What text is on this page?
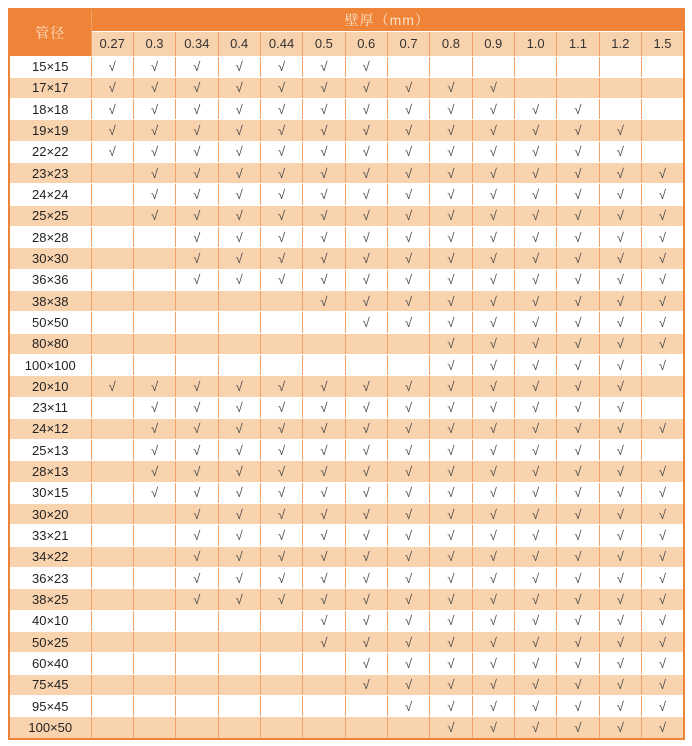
管径	壁厚（mm）													
	0.27	0.3	0.34	0.4	0.44	0.5	0.6	0.7	0.8	0.9	1.0	1.1	1.2	1.5
15×15	√	√	√	√	√	√	√							
17×17	√	√	√	√	√	√	√	√	√	√				
18×18	√	√	√	√	√	√	√	√	√	√	√	√		
19×19	√	√	√	√	√	√	√	√	√	√	√	√	√	
22×22	√	√	√	√	√	√	√	√	√	√	√	√	√	
23×23		√	√	√	√	√	√	√	√	√	√	√	√	√
24×24		√	√	√	√	√	√	√	√	√	√	√	√	√
25×25		√	√	√	√	√	√	√	√	√	√	√	√	√
28×28			√	√	√	√	√	√	√	√	√	√	√	√
30×30			√	√	√	√	√	√	√	√	√	√	√	√
36×36			√	√	√	√	√	√	√	√	√	√	√	√
38×38						√	√	√	√	√	√	√	√	√
50×50							√	√	√	√	√	√	√	√
80×80									√	√	√	√	√	√
100×100									√	√	√	√	√	√
20×10	√	√	√	√	√	√	√	√	√	√	√	√	√	
23×11		√	√	√	√	√	√	√	√	√	√	√	√	
24×12		√	√	√	√	√	√	√	√	√	√	√	√	√
25×13		√	√	√	√	√	√	√	√	√	√	√	√	
28×13		√	√	√	√	√	√	√	√	√	√	√	√	√
30×15		√	√	√	√	√	√	√	√	√	√	√	√	√
30×20			√	√	√	√	√	√	√	√	√	√	√	√
33×21			√	√	√	√	√	√	√	√	√	√	√	√
34×22			√	√	√	√	√	√	√	√	√	√	√	√
36×23			√	√	√	√	√	√	√	√	√	√	√	√
38×25			√	√	√	√	√	√	√	√	√	√	√	√
40×10						√	√	√	√	√	√	√	√	√
50×25						√	√	√	√	√	√	√	√	√
60×40							√	√	√	√	√	√	√	√
75×45							√	√	√	√	√	√	√	√
95×45								√	√	√	√	√	√	√
100×50									√	√	√	√	√	√
